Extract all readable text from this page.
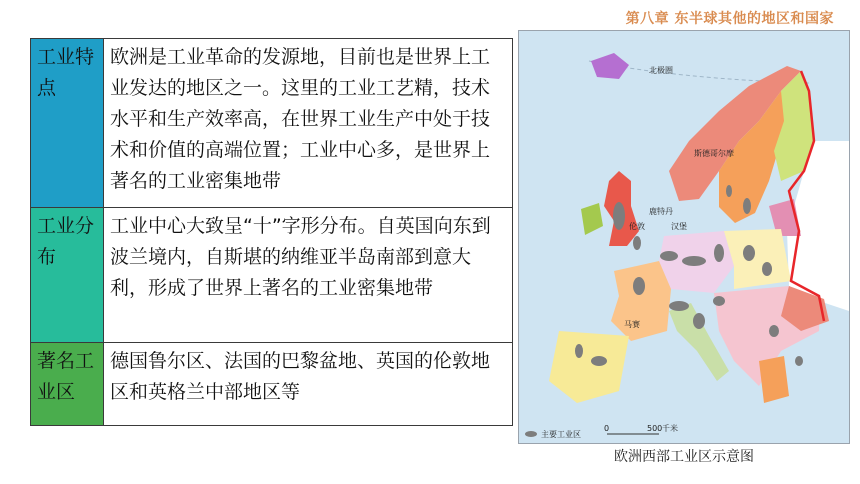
第八章 东半球其他的地区和国家
工业特点	欧洲是工业革命的发源地，目前也是世界上工业发达的地区之一。这里的工业工艺精，技术水平和生产效率高，在世界工业生产中处于技术和价值的高端位置；工业中心多，是世界上著名的工业密集地带
工业分布	工业中心大致呈“十”字形分布。自英国向东到波兰境内，自斯堪的纳维亚半岛南部到意大利，形成了世界上著名的工业密集地带
著名工业区	德国鲁尔区、法国的巴黎盆地、英国的伦敦地区和英格兰中部地区等
北极圈
斯德哥尔摩
鹿特丹
伦敦	汉堡
马赛
主要工业区
0	500 千米
欧洲西部工业区示意图
